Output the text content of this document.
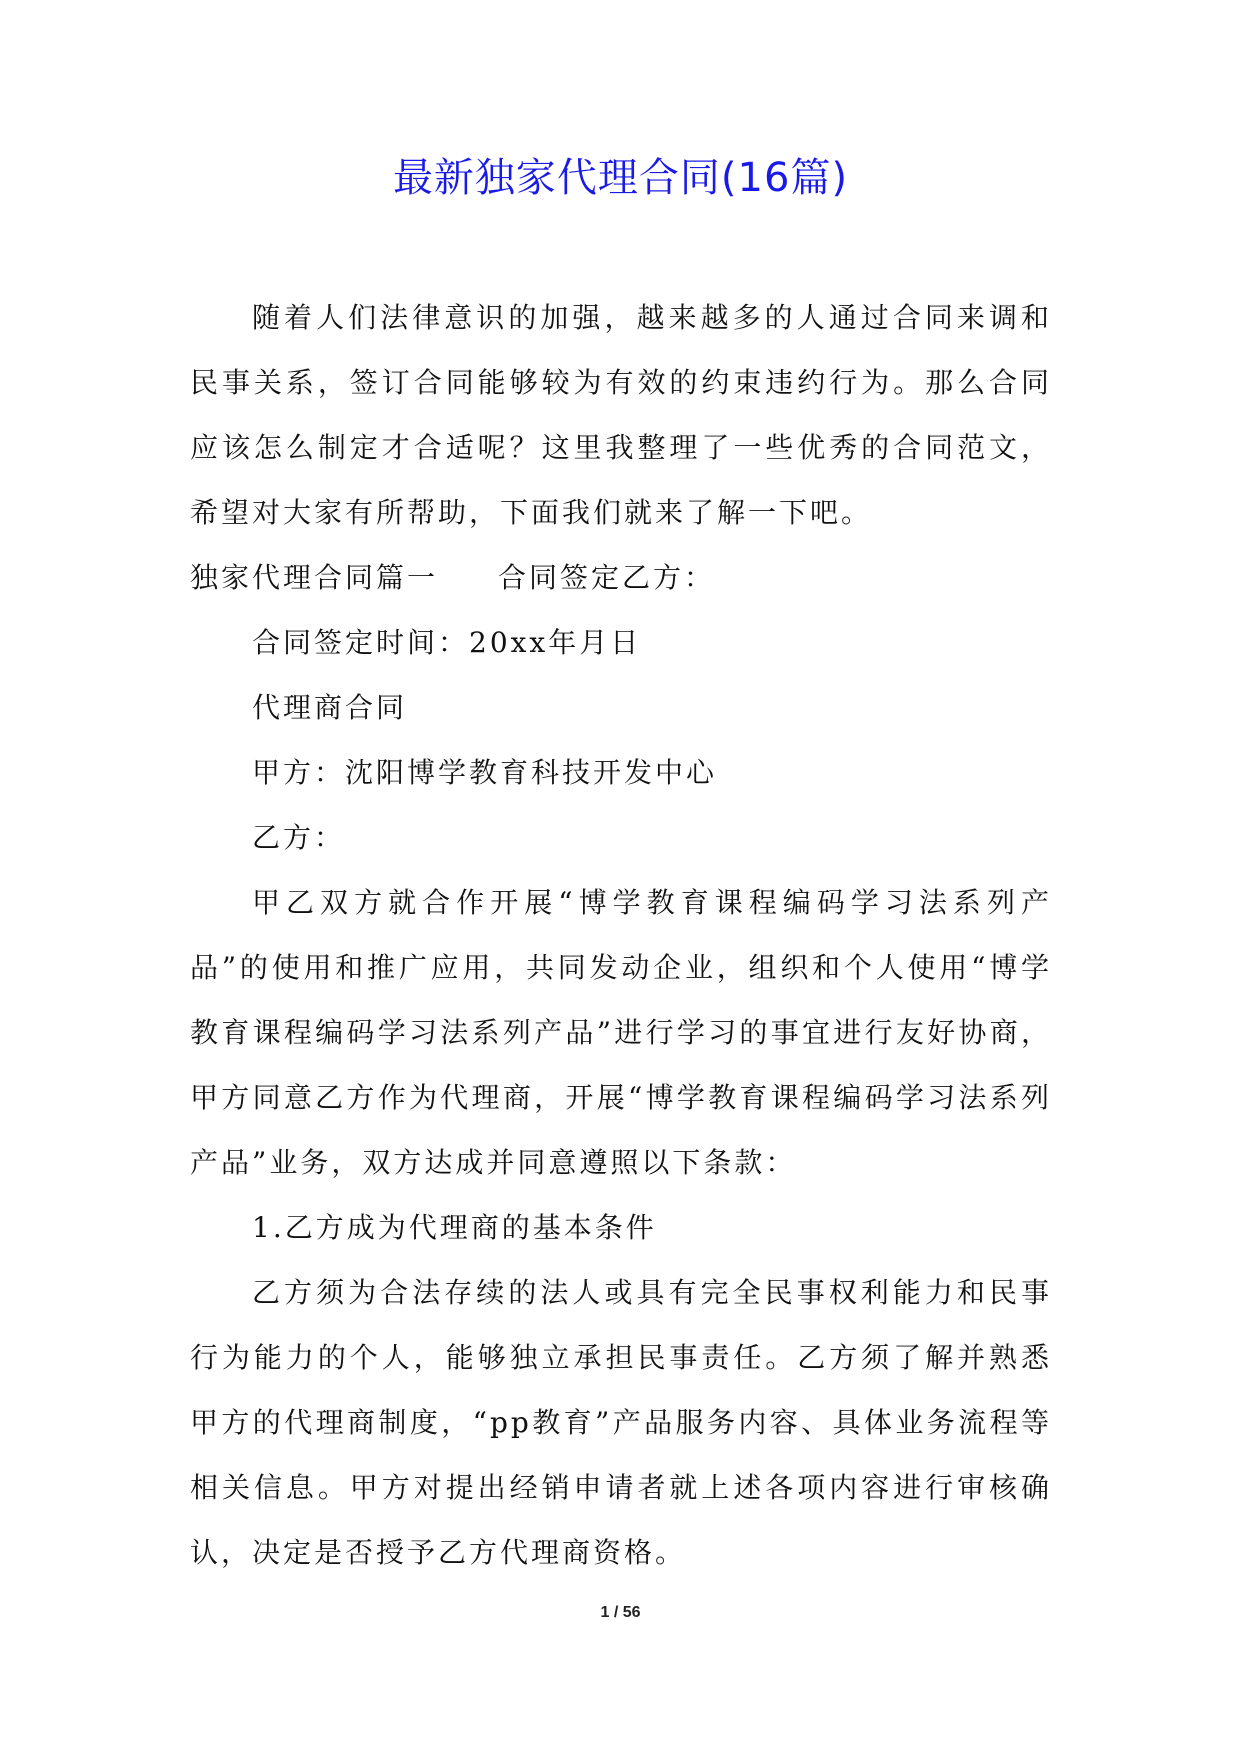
最新独家代理合同(16篇)

随着人们法律意识的加强，越来越多的人通过合同来调和民事关系，签订合同能够较为有效的约束违约行为。那么合同应该怎么制定才合适呢？这里我整理了一些优秀的合同范文，希望对大家有所帮助，下面我们就来了解一下吧。

独家代理合同篇一 合同签定乙方：

合同签定时间：20xx年月日

代理商合同

甲方：沈阳博学教育科技开发中心

乙方：

甲乙双方就合作开展“博学教育课程编码学习法系列产品”的使用和推广应用，共同发动企业，组织和个人使用“博学教育课程编码学习法系列产品”进行学习的事宜进行友好协商，甲方同意乙方作为代理商，开展“博学教育课程编码学习法系列产品”业务，双方达成并同意遵照以下条款：

1.乙方成为代理商的基本条件

乙方须为合法存续的法人或具有完全民事权利能力和民事行为能力的个人，能够独立承担民事责任。乙方须了解并熟悉甲方的代理商制度，“pp教育”产品服务内容、具体业务流程等相关信息。甲方对提出经销申请者就上述各项内容进行审核确认，决定是否授予乙方代理商资格。

1 / 56
